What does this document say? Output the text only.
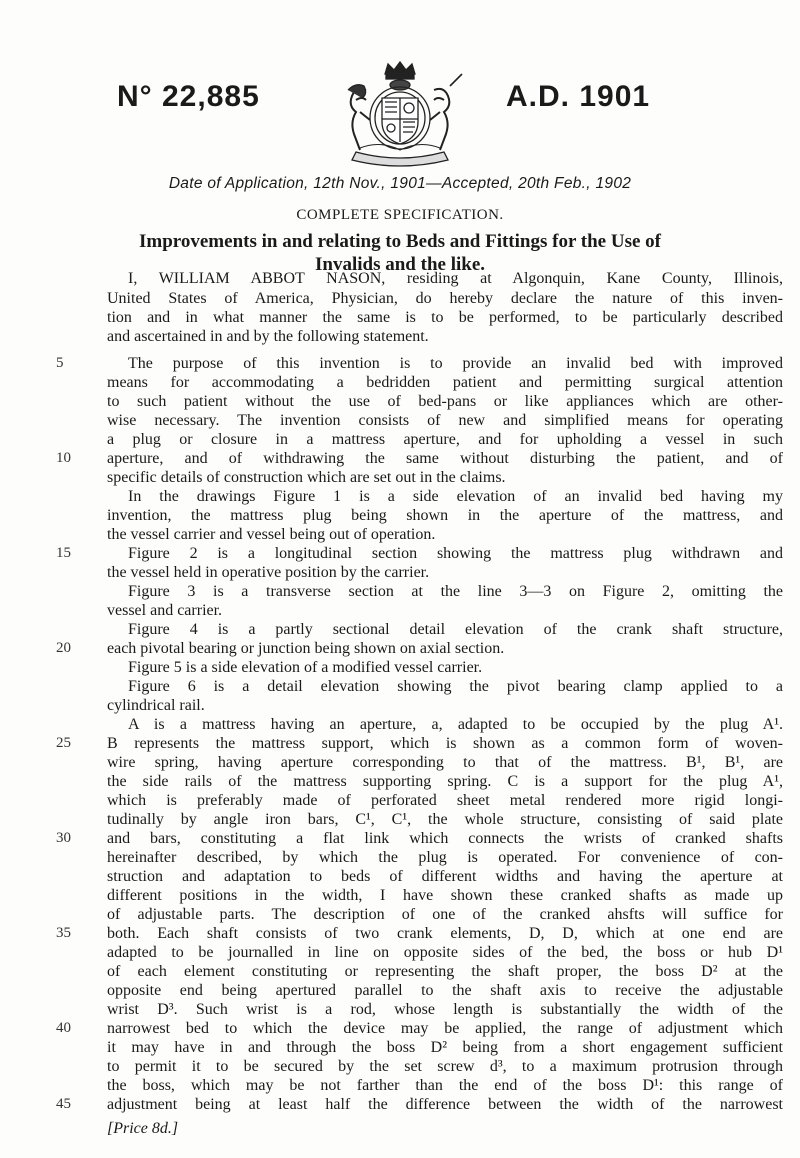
N° 22,885	A.D. 1901
Date of Application, 12th Nov., 1901—Accepted, 20th Feb., 1902
COMPLETE SPECIFICATION.
Improvements in and relating to Beds and Fittings for the Use of Invalids and the like.
I, WILLIAM ABBOT NASON, residing at Algonquin, Kane County, Illinois,
United States of America, Physician, do hereby declare the nature of this inven-
tion and in what manner the same is to be performed, to be particularly described
and ascertained in and by the following statement.
The purpose of this invention is to provide an invalid bed with improved
means for accommodating a bedridden patient and permitting surgical attention
to such patient without the use of bed-pans or like appliances which are other-
wise necessary. The invention consists of new and simplified means for operating
a plug or closure in a mattress aperture, and for upholding a vessel in such
aperture, and of withdrawing the same without disturbing the patient, and of
specific details of construction which are set out in the claims.
In the drawings Figure 1 is a side elevation of an invalid bed having my
invention, the mattress plug being shown in the aperture of the mattress, and
the vessel carrier and vessel being out of operation.
Figure 2 is a longitudinal section showing the mattress plug withdrawn and
the vessel held in operative position by the carrier.
Figure 3 is a transverse section at the line 3—3 on Figure 2, omitting the
vessel and carrier.
Figure 4 is a partly sectional detail elevation of the crank shaft structure,
each pivotal bearing or junction being shown on axial section.
Figure 5 is a side elevation of a modified vessel carrier.
Figure 6 is a detail elevation showing the pivot bearing clamp applied to a
cylindrical rail.
A is a mattress having an aperture, a, adapted to be occupied by the plug A¹.
B represents the mattress support, which is shown as a common form of woven-
wire spring, having aperture corresponding to that of the mattress. B¹, B¹, are
the side rails of the mattress supporting spring. C is a support for the plug A¹,
which is preferably made of perforated sheet metal rendered more rigid longi-
tudinally by angle iron bars, C¹, C¹, the whole structure, consisting of said plate
and bars, constituting a flat link which connects the wrists of cranked shafts
hereinafter described, by which the plug is operated. For convenience of con-
struction and adaptation to beds of different widths and having the aperture at
different positions in the width, I have shown these cranked shafts as made up
of adjustable parts. The description of one of the cranked ahsfts will suffice for
both. Each shaft consists of two crank elements, D, D, which at one end are
adapted to be journalled in line on opposite sides of the bed, the boss or hub D¹
of each element constituting or representing the shaft proper, the boss D² at the
opposite end being apertured parallel to the shaft axis to receive the adjustable
wrist D³. Such wrist is a rod, whose length is substantially the width of the
narrowest bed to which the device may be applied, the range of adjustment which
it may have in and through the boss D² being from a short engagement sufficient
to permit it to be secured by the set screw d³, to a maximum protrusion through
the boss, which may be not farther than the end of the boss D¹: this range of
adjustment being at least half the difference between the width of the narrowest
5
10
15
20
25
30
35
40
45
[Price 8d.]
